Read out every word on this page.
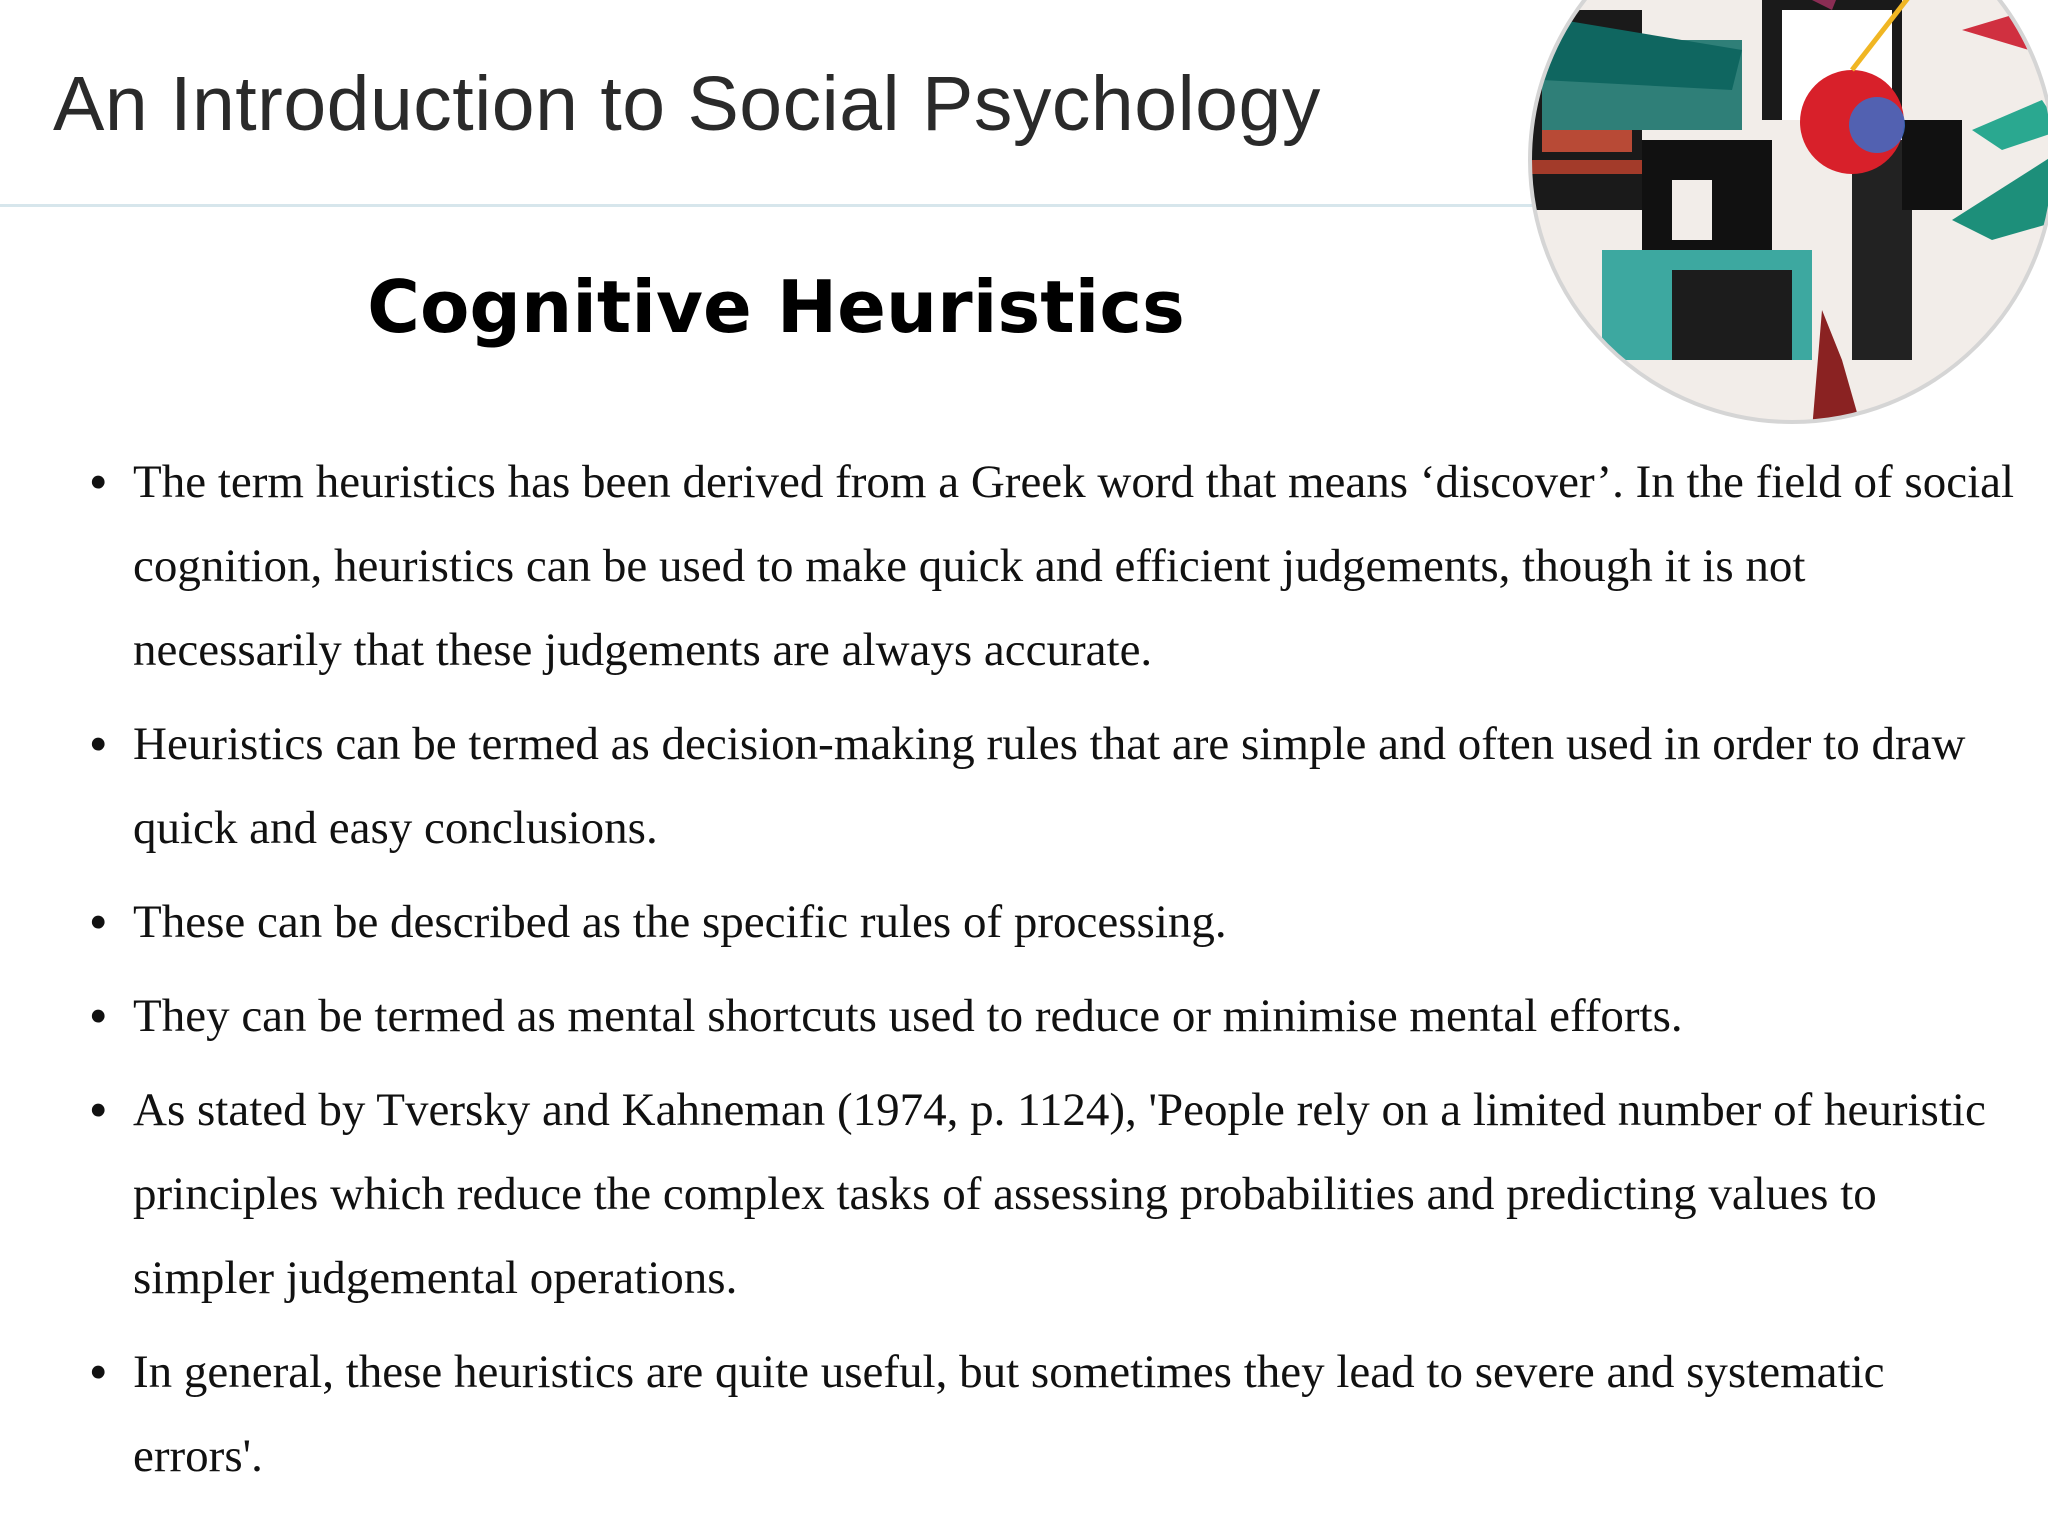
An Introduction to Social Psychology
Cognitive Heuristics
• The term heuristics has been derived from a Greek word that means ‘discover’. In the field of social cognition, heuristics can be used to make quick and efficient judgements, though it is not necessarily that these judgements are always accurate.
• Heuristics can be termed as decision-making rules that are simple and often used in order to draw quick and easy conclusions.
• These can be described as the specific rules of processing.
• They can be termed as mental shortcuts used to reduce or minimise mental efforts.
• As stated by Tversky and Kahneman (1974, p. 1124), 'People rely on a limited number of heuristic principles which reduce the complex tasks of assessing probabilities and predicting values to simpler judgemental operations.
• In general, these heuristics are quite useful, but sometimes they lead to severe and systematic errors'.
